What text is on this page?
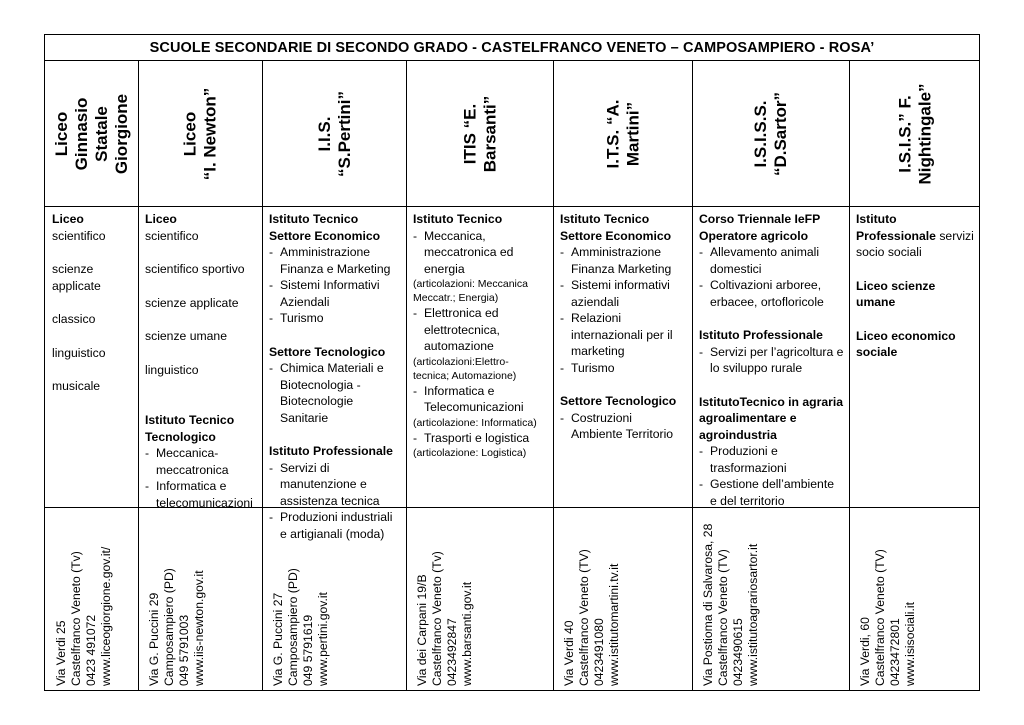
SCUOLE SECONDARIE DI SECONDO GRADO - CASTELFRANCO VENETO – CAMPOSAMPIERO - ROSA’
Liceo Ginnasio Statale Giorgione
Liceo
scientifico
scienze
applicate
classico
linguistico
musicale
Via Verdi 25 Castelfranco Veneto (Tv) 0423 491072 www.liceogiorgione.gov.it/
Liceo “I. Newton”
Liceo
scientifico
scientifico sportivo
scienze applicate
scienze umane
linguistico
Istituto Tecnico
Tecnologico
- Meccanica-
meccatronica
- Informatica e
telecomunicazioni
Via G. Puccini 29 Camposampiero (PD) 049 5791003 www.iis-newton.gov.it
I.I.S. “S.Pertini”
Istituto Tecnico
Settore Economico
- Amministrazione
Finanza e Marketing
- Sistemi Informativi
Aziendali
- Turismo
Settore Tecnologico
- Chimica Materiali e
Biotecnologia -
Biotecnologie
Sanitarie
Istituto Professionale
- Servizi di
manutenzione e
assistenza tecnica
- Produzioni industriali
e artigianali (moda)
Via G. Puccini 27 Camposampiero (PD) 049 5791619 www.pertini.gov.it
ITIS “E. Barsanti”
Istituto Tecnico
- Meccanica,
meccatronica ed
energia
(articolazioni: Meccanica
Meccatr.; Energia)
- Elettronica ed
elettrotecnica,
automazione
(articolazioni:Elettro-
tecnica; Automazione)
- Informatica e
Telecomunicazioni
(articolazione: Informatica)
- Trasporti e logistica
(articolazione: Logistica)
Via dei Carpani 19/B Castelfranco Veneto (Tv) 0423492847 www.barsanti.gov.it
I.T.S. “A. Martini”
Istituto Tecnico
Settore Economico
- Amministrazione
Finanza Marketing
- Sistemi informativi
aziendali
- Relazioni
internazionali per il
marketing
- Turismo
Settore Tecnologico
- Costruzioni
Ambiente Territorio
Via Verdi 40 Castelfranco Veneto (TV) 0423491080 www.istitutomartini.tv.it
I.S.I.S.S. “D.Sartor”
Corso Triennale IeFP
Operatore agricolo
- Allevamento animali
domestici
- Coltivazioni arboree,
erbacee, ortofloricole
Istituto Professionale
- Servizi per l’agricoltura e
lo sviluppo rurale
IstitutoTecnico in agraria
agroalimentare e
agroindustria
- Produzioni e
trasformazioni
- Gestione dell’ambiente
e del territorio
Via Postioma di Salvarosa, 28 Castelfranco Veneto (TV) 0423490615 www.istitutoagrariosartor.it
I.S.I.S.” F. Nightingale”
Istituto
Professionale servizi
socio sociali
Liceo scienze umane
Liceo economico
sociale
Via Verdi, 60 Castelfranco Veneto (TV) 0423472801 www.isisociali.it
